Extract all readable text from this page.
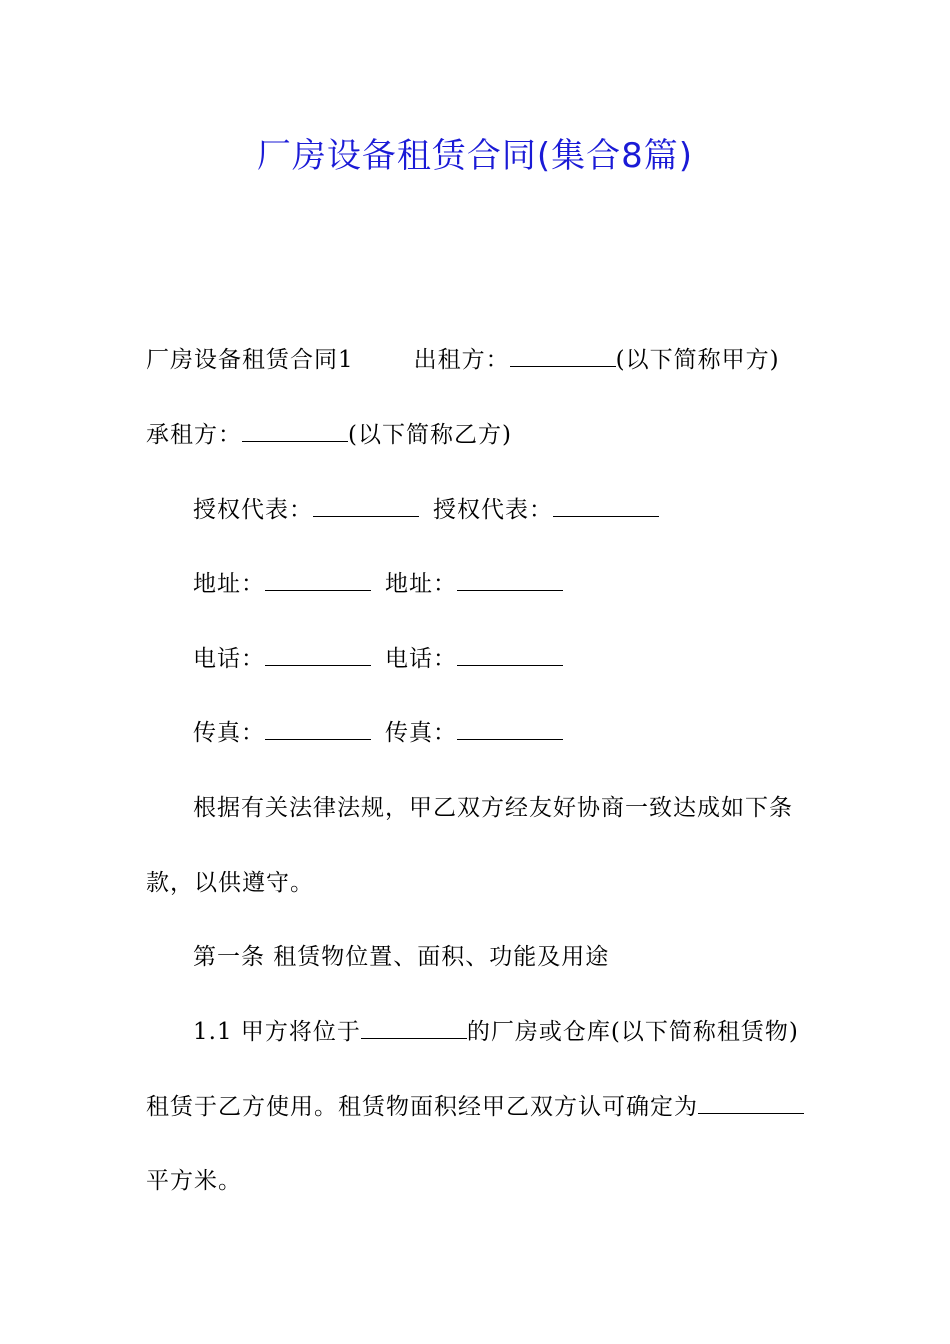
厂房设备租赁合同(集合8篇)
厂房设备租赁合同1	出租方：	(以下简称甲方)
承租方：	(以下简称乙方)
授权代表：	授权代表：
地址：	地址：
电话：	电话：
传真：	传真：
根据有关法律法规，甲乙双方经友好协商一致达成如下条
款，以供遵守。
第一条 租赁物位置、面积、功能及用途
1.1 甲方将位于	的厂房或仓库(以下简称租赁物)
租赁于乙方使用。租赁物面积经甲乙双方认可确定为
平方米。
